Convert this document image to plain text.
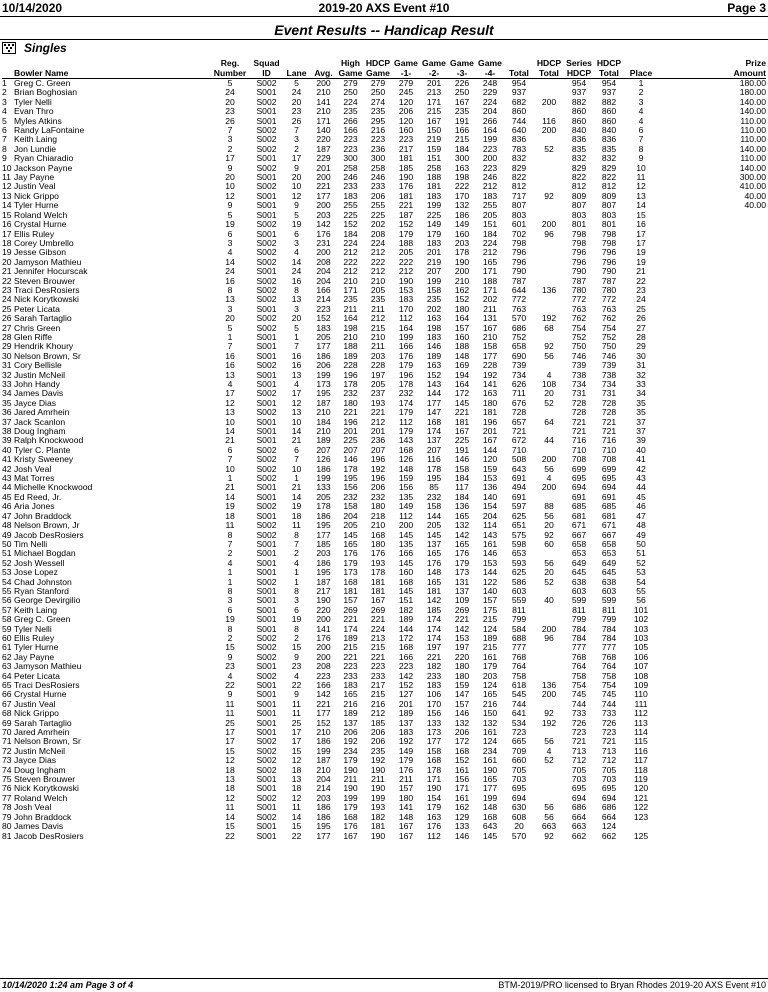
10/14/2020	2019-20 AXS Event #10	Page 3
Event Results -- Handicap Result
Singles
		Reg.	Squad			High	HDCP	Game	Game	Game	Game		HDCP	Series	HDCP		Prize
	Bowler Name	Number	ID	Lane	Avg.	Game	Game	-1-	-2-	-3-	-4-	Total	Total	HDCP	Total	Place	Amount
1	Greg C. Green	5	S002	5	200	279	279	279	201	226	248	954		954	954	1	180.00
2	Brian Boghosian	24	S001	24	210	250	250	245	213	250	229	937		937	937	2	180.00
3	Tyler Nelli	20	S002	20	141	224	274	120	171	167	224	682	200	882	882	3	140.00
4	Evan Thro	23	S001	23	210	235	235	206	215	235	204	860		860	860	4	140.00
5	Myles Atkins	26	S001	26	171	266	295	120	167	191	266	744	116	860	860	4	110.00
6	Randy LaFontaine	7	S002	7	140	166	216	160	150	166	164	640	200	840	840	6	110.00
7	Keith Laing	3	S002	3	220	223	223	223	219	215	199	836		836	836	7	110.00
8	Jon Lundie	2	S002	2	187	223	236	217	159	184	223	783	52	835	835	8	140.00
9	Ryan Chiaradio	17	S001	17	229	300	300	181	151	300	200	832		832	832	9	110.00
10	Jackson Payne	9	S002	9	201	258	258	185	258	163	223	829		829	829	10	140.00
11	Jay Payne	20	S001	20	200	246	246	190	188	198	246	822		822	822	11	300.00
12	Justin Veal	10	S002	10	221	233	233	176	181	222	212	812		812	812	12	410.00
13	Nick Grippo	12	S001	12	177	183	206	181	183	170	183	717	92	809	809	13	40.00
14	Tyler Hurne	9	S001	9	200	255	255	221	199	132	255	807		807	807	14	40.00
15	Roland Welch	5	S001	5	203	225	225	187	225	186	205	803		803	803	15	
16	Crystal Hurne	19	S002	19	142	152	202	152	149	149	151	601	200	801	801	16	
17	Ellis Ruley	6	S001	6	176	184	208	179	179	160	184	702	96	798	798	17	
18	Corey Umbrello	3	S002	3	231	224	224	188	183	203	224	798		798	798	17	
19	Jesse Gibson	4	S002	4	200	212	212	205	201	178	212	796		796	796	19	
20	Jamyson Mathieu	14	S002	14	208	222	222	222	219	190	165	796		796	796	19	
21	Jennifer Hocurscak	24	S001	24	204	212	212	212	207	200	171	790		790	790	21	
22	Steven Brouwer	16	S002	16	204	210	210	190	199	210	188	787		787	787	22	
23	Traci DesRosiers	8	S002	8	166	171	205	153	158	162	171	644	136	780	780	23	
24	Nick Korytkowski	13	S002	13	214	235	235	183	235	152	202	772		772	772	24	
25	Peter Licata	3	S001	3	223	211	211	170	202	180	211	763		763	763	25	
26	Sarah Tartaglio	20	S002	20	152	164	212	112	163	164	131	570	192	762	762	26	
27	Chris Green	5	S002	5	183	198	215	164	198	157	167	686	68	754	754	27	
28	Glen Riffe	1	S001	1	205	210	210	199	183	160	210	752		752	752	28	
29	Hendrik Khoury	7	S001	7	177	188	211	166	146	188	158	658	92	750	750	29	
30	Nelson Brown, Sr	16	S001	16	186	189	203	176	189	148	177	690	56	746	746	30	
31	Cory Bellisle	16	S002	16	206	228	228	179	163	169	228	739		739	739	31	
32	Justin McNeil	13	S001	13	199	196	197	196	152	194	192	734	4	738	738	32	
33	John Handy	4	S001	4	173	178	205	178	143	164	141	626	108	734	734	33	
34	James Davis	17	S002	17	195	232	237	232	144	172	163	711	20	731	731	34	
35	Jayce Dias	12	S001	12	187	180	193	174	177	145	180	676	52	728	728	35	
36	Jared Amrhein	13	S002	13	210	221	221	179	147	221	181	728		728	728	35	
37	Jack Scanlon	10	S001	10	184	196	212	112	168	181	196	657	64	721	721	37	
38	Doug Ingham	14	S001	14	210	201	201	179	174	167	201	721		721	721	37	
39	Ralph Knockwood	21	S001	21	189	225	236	143	137	225	167	672	44	716	716	39	
40	Tyler C. Plante	6	S002	6	207	207	207	168	207	191	144	710		710	710	40	
41	Kristy Sweeney	7	S002	7	126	146	196	126	116	146	120	508	200	708	708	41	
42	Josh Veal	10	S002	10	186	178	192	148	178	158	159	643	56	699	699	42	
43	Mat Torres	1	S002	1	199	195	196	159	195	184	153	691	4	695	695	43	
44	Michelle Knockwood	21	S001	21	133	156	206	156	85	117	136	494	200	694	694	44	
45	Ed Reed, Jr.	14	S001	14	205	232	232	135	232	184	140	691		691	691	45	
46	Aria Jones	19	S002	19	178	158	180	149	158	136	154	597	88	685	685	46	
47	John Braddock	18	S001	18	186	204	218	112	144	165	204	625	56	681	681	47	
48	Nelson Brown, Jr	11	S002	11	195	205	210	200	205	132	114	651	20	671	671	48	
49	Jacob DesRosiers	8	S002	8	177	145	168	145	145	142	143	575	92	667	667	49	
50	Tim Nelli	7	S001	7	185	165	180	135	137	165	161	598	60	658	658	50	
51	Michael Bogdan	2	S001	2	203	176	176	166	165	176	146	653		653	653	51	
52	Josh Wessell	4	S001	4	186	179	193	145	176	179	153	593	56	649	649	52	
53	Jose Lopez	1	S001	1	195	173	178	160	148	173	144	625	20	645	645	53	
54	Chad Johnston	1	S002	1	187	168	181	168	165	131	122	586	52	638	638	54	
55	Ryan Stanford	8	S001	8	217	181	181	145	181	137	140	603		603	603	55	
56	George Devirgilio	3	S001	3	190	157	167	151	142	109	157	559	40	599	599	56	
57	Keith Laing	6	S001	6	220	269	269	182	185	269	175	811		811	811	101	
58	Greg C. Green	19	S001	19	200	221	221	189	174	221	215	799		799	799	102	
59	Tyler Nelli	8	S001	8	141	174	224	144	174	142	124	584	200	784	784	103	
60	Ellis Ruley	2	S002	2	176	189	213	172	174	153	189	688	96	784	784	103	
61	Tyler Hurne	15	S002	15	200	215	215	168	197	197	215	777		777	777	105	
62	Jay Payne	9	S002	9	200	221	221	166	221	220	161	768		768	768	106	
63	Jamyson Mathieu	23	S001	23	208	223	223	223	182	180	179	764		764	764	107	
64	Peter Licata	4	S002	4	223	233	233	142	233	180	203	758		758	758	108	
65	Traci DesRosiers	22	S001	22	166	183	217	152	183	159	124	618	136	754	754	109	
66	Crystal Hurne	9	S001	9	142	165	215	127	106	147	165	545	200	745	745	110	
67	Justin Veal	11	S001	11	221	216	216	201	170	157	216	744		744	744	111	
68	Nick Grippo	11	S001	11	177	189	212	189	156	146	150	641	92	733	733	112	
69	Sarah Tartaglio	25	S001	25	152	137	185	137	133	132	132	534	192	726	726	113	
70	Jared Amrhein	17	S001	17	210	206	206	183	173	206	161	723		723	723	114	
71	Nelson Brown, Sr	17	S002	17	186	192	206	192	177	172	124	665	56	721	721	115	
72	Justin McNeil	15	S002	15	199	234	235	149	158	168	234	709	4	713	713	116	
73	Jayce Dias	12	S002	12	187	179	192	179	168	152	161	660	52	712	712	117	
74	Doug Ingham	18	S002	18	210	190	190	176	178	161	190	705		705	705	118	
75	Steven Brouwer	13	S001	13	204	211	211	211	171	156	165	703		703	703	119	
76	Nick Korytkowski	18	S001	18	214	190	190	157	190	171	177	695		695	695	120	
77	Roland Welch	12	S002	12	203	199	199	180	154	161	199	694		694	694	121	
78	Josh Veal	11	S001	11	186	179	193	141	179	162	148	630	56	686	686	122	
79	John Braddock	14	S002	14	186	168	182	148	163	129	168	608	56	664	664	123	
80	James Davis	15	S001	15	195	176	181	167	176	133	643	20	663	663	124		
81	Jacob DesRosiers	22	S001	22	177	167	190	167	112	146	145	570	92	662	662	125	
10/14/2020 1:24 am Page 3 of 4	BTM-2019/PRO licensed to Bryan Rhodes 2019-20 AXS Event #10
